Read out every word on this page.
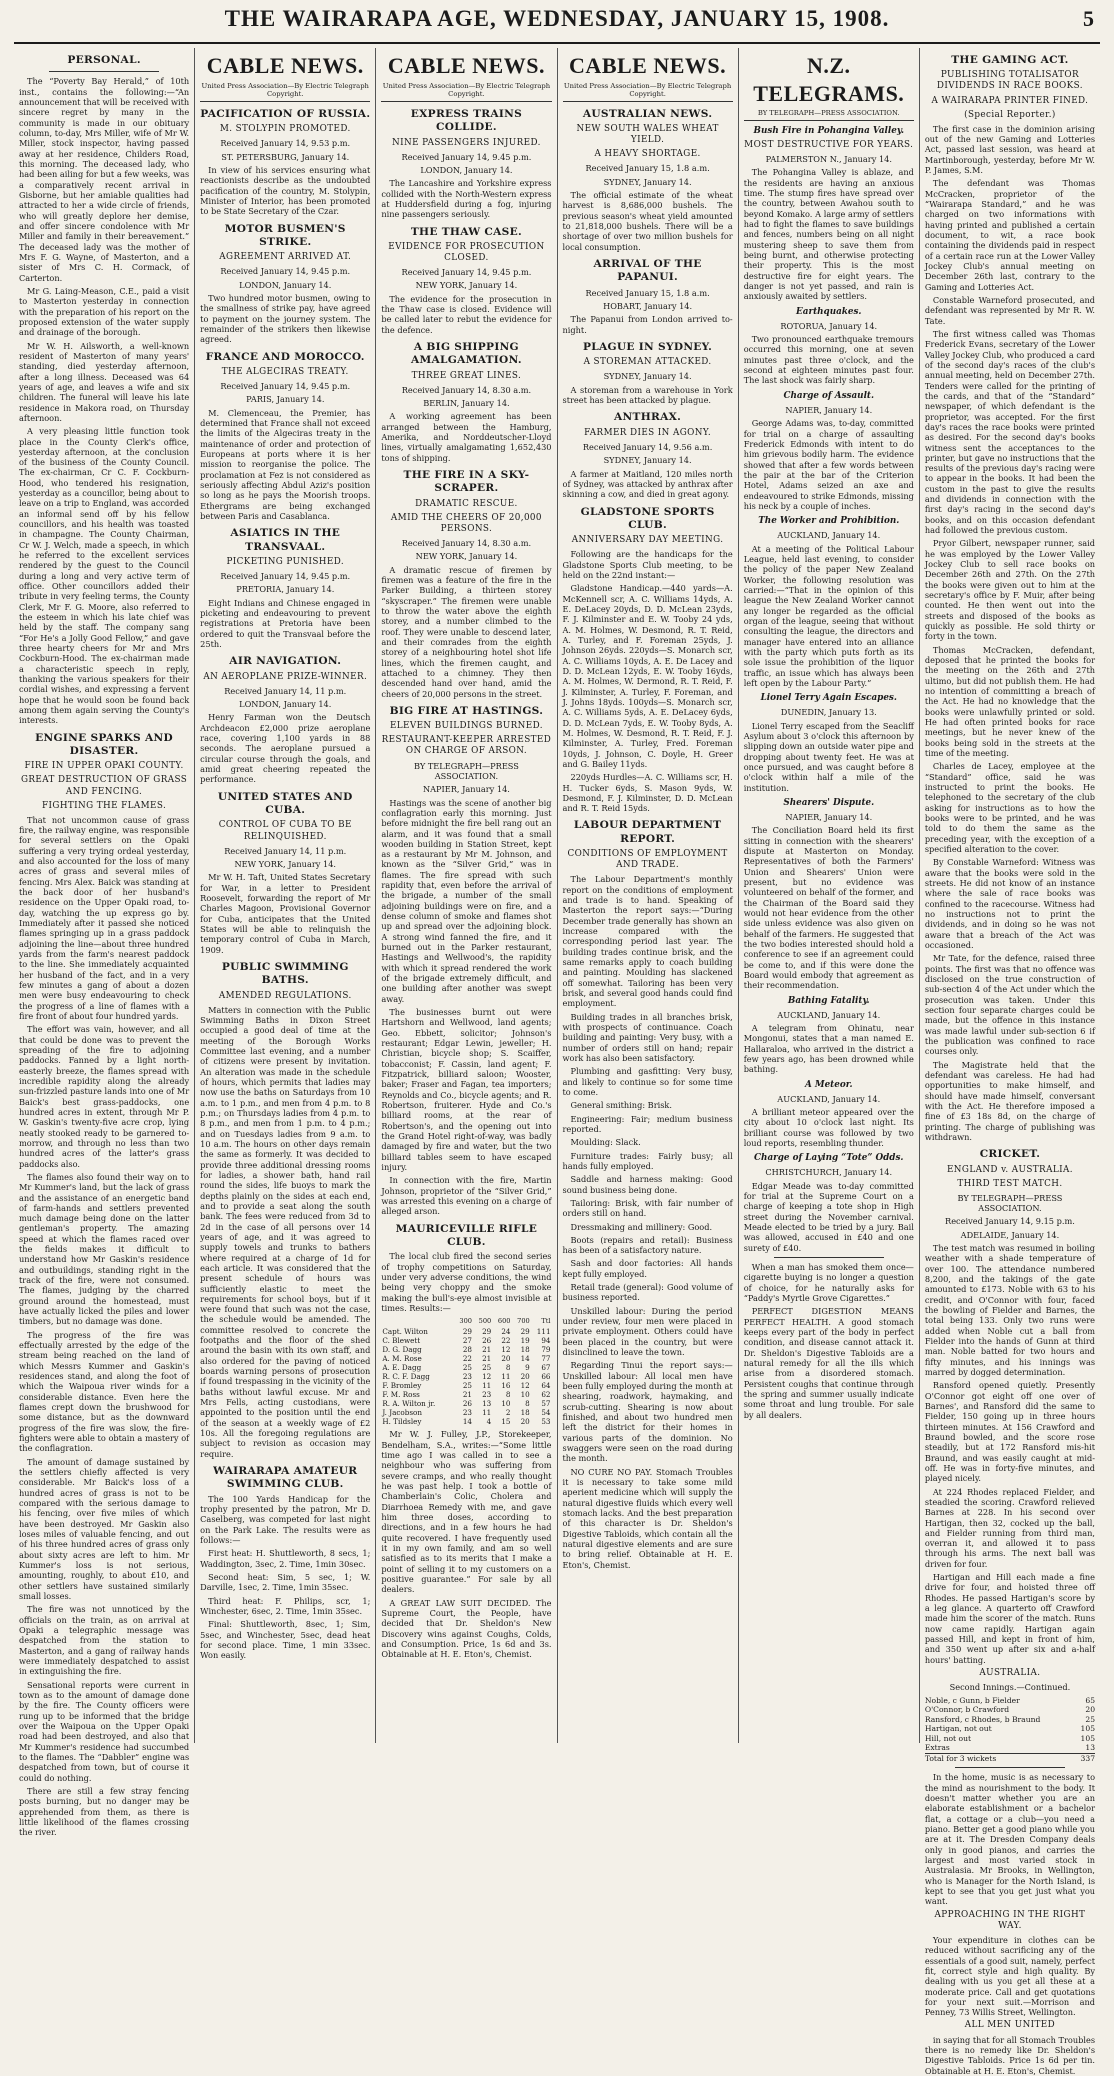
THE WAIRARAPA AGE, WEDNESDAY, JANUARY 15, 1908.	5
PERSONAL.

The “Poverty Bay Herald,” of 10th inst., contains the following:—“An announcement that will be received with sincere regret by many in the community is made in our obituary column, to-day, Mrs Miller, wife of Mr W. Miller, stock inspector, having passed away at her residence, Childers Road, this morning. The deceased lady, who had been ailing for but a few weeks, was a comparatively recent arrival in Gisborne, but her amiable qualities had attracted to her a wide circle of friends, who will greatly deplore her demise, and offer sincere condolence with Mr Miller and family in their bereavement.” The deceased lady was the mother of Mrs F. G. Wayne, of Masterton, and a sister of Mrs C. H. Cormack, of Carterton.

Mr G. Laing-Meason, C.E., paid a visit to Masterton yesterday in connection with the preparation of his report on the proposed extension of the water supply and drainage of the borough.

Mr W. H. Ailsworth, a well-known resident of Masterton of many years' standing, died yesterday afternoon, after a long illness. Deceased was 64 years of age, and leaves a wife and six children. The funeral will leave his late residence in Makora road, on Thursday afternoon.

A very pleasing little function took place in the County Clerk's office, yesterday afternoon, at the conclusion of the business of the County Council. The ex-chairman, Cr C. F. Cockburn-Hood, who tendered his resignation, yesterday as a councillor, being about to leave on a trip to England, was accorded an informal send off by his fellow councillors, and his health was toasted in champagne. The County Chairman, Cr W. J. Welch, made a speech, in which he referred to the excellent services rendered by the guest to the Council during a long and very active term of office. Other councillors added their tribute in very feeling terms, the County Clerk, Mr F. G. Moore, also referred to the esteem in which his late chief was held by the staff. The company sang “For He's a Jolly Good Fellow,” and gave three hearty cheers for Mr and Mrs Cockburn-Hood. The ex-chairman made a characteristic speech in reply, thanking the various speakers for their cordial wishes, and expressing a fervent hope that he would soon be found back among them again serving the County's interests.

ENGINE SPARKS AND DISASTER.
FIRE IN UPPER OPAKI COUNTY.
GREAT DESTRUCTION OF GRASS AND FENCING.
FIGHTING THE FLAMES.

That not uncommon cause of grass fire, the railway engine, was responsible for several settlers on the Opaki suffering a very trying ordeal yesterday, and also accounted for the loss of many acres of grass and several miles of fencing. Mrs Alex. Baick was standing at the back door of her husband's residence on the Upper Opaki road, to-day, watching the up express go by. Immediately after it passed she noticed flames springing up in a grass paddock adjoining the line—about three hundred yards from the farm's nearest paddock to the line. She immediately acquainted her husband of the fact, and in a very few minutes a gang of about a dozen men were busy endeavouring to check the progress of a line of flames with a fire front of about four hundred yards.

The effort was vain, however, and all that could be done was to prevent the spreading of the fire to adjoining paddocks. Fanned by a light north-easterly breeze, the flames spread with incredible rapidity along the already sun-frizzled pasture lands into one of Mr Baick's best grass-paddocks, one hundred acres in extent, through Mr P. W. Gaskin's twenty-five acre crop, lying neatly stooked ready to be garnered to-morrow, and through no less than two hundred acres of the latter's grass paddocks also.

The flames also found their way on to Mr Kummer's land, but the lack of grass and the assistance of an energetic band of farm-hands and settlers prevented much damage being done on the latter gentleman's property. The amazing speed at which the flames raced over the fields makes it difficult to understand how Mr Gaskin's residence and outbuildings, standing right in the track of the fire, were not consumed. The flames, judging by the charred ground around the homestead, must have actually licked the piles and lower timbers, but no damage was done.

The progress of the fire was effectually arrested by the edge of the stream being reached on the land of which Messrs Kummer and Gaskin's residences stand, and along the foot of which the Waipoua river winds for a considerable distance. Even here the flames crept down the brushwood for some distance, but as the downward progress of the fire was slow, the fire-fighters were able to obtain a mastery of the conflagration.

The amount of damage sustained by the settlers chiefly affected is very considerable. Mr Baick's loss of a hundred acres of grass is not to be compared with the serious damage to his fencing, over five miles of which have been destroyed. Mr Gaskin also loses miles of valuable fencing, and out of his three hundred acres of grass only about sixty acres are left to him. Mr Kummer's loss is not serious, amounting, roughly, to about £10, and other settlers have sustained similarly small losses.

The fire was not unnoticed by the officials on the train, as on arrival at Opaki a telegraphic message was despatched from the station to Masterton, and a gang of railway hands were immediately despatched to assist in extinguishing the fire.

Sensational reports were current in town as to the amount of damage done by the fire. The County officers were rung up to be informed that the bridge over the Waipoua on the Upper Opaki road had been destroyed, and also that Mr Kummer's residence had succumbed to the flames. The “Dabbler” engine was despatched from town, but of course it could do nothing.

There are still a few stray fencing posts burning, but no danger may be apprehended from them, as there is little likelihood of the flames crossing the river.

CABLE NEWS.
United Press Association—By Electric Telegraph Copyright.
PACIFICATION OF RUSSIA.
M. STOLYPIN PROMOTED.

Received January 14, 9.53 p.m.

ST. PETERSBURG, January 14.

In view of his services ensuring what reactionists describe as the undoubted pacification of the country, M. Stolypin, Minister of Interior, has been promoted to be State Secretary of the Czar.

MOTOR BUSMEN'S STRIKE.
AGREEMENT ARRIVED AT.

Received January 14, 9.45 p.m.

LONDON, January 14.

Two hundred motor busmen, owing to the smallness of strike pay, have agreed to payment on the journey system. The remainder of the strikers then likewise agreed.

FRANCE AND MOROCCO.
THE ALGECIRAS TREATY.

Received January 14, 9.45 p.m.

PARIS, January 14.

M. Clemenceau, the Premier, has determined that France shall not exceed the limits of the Algeciras treaty in the maintenance of order and protection of Europeans at ports where it is her mission to reorganise the police. The proclamation at Fez is not considered as seriously affecting Abdul Aziz's position so long as he pays the Moorish troops. Ethergrams are being exchanged between Paris and Casablanca.

ASIATICS IN THE TRANSVAAL.
PICKETING PUNISHED.

Received January 14, 9.45 p.m.

PRETORIA, January 14.

Eight Indians and Chinese engaged in picketing and endeavouring to prevent registrations at Pretoria have been ordered to quit the Transvaal before the 25th.

AIR NAVIGATION.
AN AEROPLANE PRIZE-WINNER.

Received January 14, 11 p.m.

LONDON, January 14.

Henry Farman won the Deutsch Archdeacon £2,000 prize aeroplane race, covering 1,100 yards in 88 seconds. The aeroplane pursued a circular course through the goals, and amid great cheering repeated the performance.

UNITED STATES AND CUBA.
CONTROL OF CUBA TO BE RELINQUISHED.

Received January 14, 11 p.m.

NEW YORK, January 14.

Mr W. H. Taft, United States Secretary for War, in a letter to President Roosevelt, forwarding the report of Mr Charles Magoon, Provisional Governor for Cuba, anticipates that the United States will be able to relinquish the temporary control of Cuba in March, 1909.

PUBLIC SWIMMING BATHS.
AMENDED REGULATIONS.

Matters in connection with the Public Swimming Baths in Dixon Street occupied a good deal of time at the meeting of the Borough Works Committee last evening, and a number of citizens were present by invitation. An alteration was made in the schedule of hours, which permits that ladies may now use the baths on Saturdays from 10 a.m. to 1 p.m., and men from 4 p.m. to 8 p.m.; on Thursdays ladies from 4 p.m. to 8 p.m., and men from 1 p.m. to 4 p.m.; and on Tuesdays ladies from 9 a.m. to 10 a.m. The hours on other days remain the same as formerly. It was decided to provide three additional dressing rooms for ladies, a shower bath, hand rail round the sides, life buoys to mark the depths plainly on the sides at each end, and to provide a seat along the south bank. The fees were reduced from 3d to 2d in the case of all persons over 14 years of age, and it was agreed to supply towels and trunks to bathers where required at a charge of 1d for each article. It was considered that the present schedule of hours was sufficiently elastic to meet the requirements for school boys, but if it were found that such was not the case, the schedule would be amended. The committee resolved to concrete the footpaths and the floor of the shed around the basin with its own staff, and also ordered for the paving of noticed boards warning persons of prosecution if found trespassing in the vicinity of the baths without lawful excuse. Mr and Mrs Fells, acting custodians, were appointed to the position until the end of the season at a weekly wage of £2 10s. All the foregoing regulations are subject to revision as occasion may require.

WAIRARAPA AMATEUR SWIMMING CLUB.

The 100 Yards Handicap for the trophy presented by the patron, Mr D. Caselberg, was competed for last night on the Park Lake. The results were as follows:—

First heat: H. Shuttleworth, 8 secs, 1; Waddington, 3sec, 2. Time, 1min 30sec.

Second heat: Sim, 5 sec, 1; W. Darville, 1sec, 2. Time, 1min 35sec.

Third heat: F. Philips, scr, 1; Winchester, 6sec, 2. Time, 1min 35sec.

Final: Shuttleworth, 8sec, 1; Sim, 5sec, and Winchester, 5sec, dead heat for second place. Time, 1 min 33sec. Won easily.

CABLE NEWS.
United Press Association—By Electric Telegraph Copyright.
EXPRESS TRAINS COLLIDE.
NINE PASSENGERS INJURED.

Received January 14, 9.45 p.m.

LONDON, January 14.

The Lancashire and Yorkshire express collided with the North-Western express at Huddersfield during a fog, injuring nine passengers seriously.

THE THAW CASE.
EVIDENCE FOR PROSECUTION CLOSED.

Received January 14, 9.45 p.m.

NEW YORK, January 14.

The evidence for the prosecution in the Thaw case is closed. Evidence will be called later to rebut the evidence for the defence.

A BIG SHIPPING AMALGAMATION.
THREE GREAT LINES.

Received January 14, 8.30 a.m.

BERLIN, January 14.

A working agreement has been arranged between the Hamburg, Amerika, and Norddeutscher-Lloyd lines, virtually amalgamating 1,652,430 tons of shipping.

THE FIRE IN A SKY-SCRAPER.
DRAMATIC RESCUE.
AMID THE CHEERS OF 20,000 PERSONS.

Received January 14, 8.30 a.m.

NEW YORK, January 14.

A dramatic rescue of firemen by firemen was a feature of the fire in the Parker Building, a thirteen storey “skyscraper.” The firemen were unable to throw the water above the eighth storey, and a number climbed to the roof. They were unable to descend later, and their comrades from the eighth storey of a neighbouring hotel shot life lines, which the firemen caught, and attached to a chimney. They then descended hand over hand, amid the cheers of 20,000 persons in the street.

BIG FIRE AT HASTINGS.
ELEVEN BUILDINGS BURNED.
RESTAURANT-KEEPER ARRESTED ON CHARGE OF ARSON.

BY TELEGRAPH—PRESS ASSOCIATION.

NAPIER, January 14.

Hastings was the scene of another big conflagration early this morning. Just before midnight the fire bell rang out an alarm, and it was found that a small wooden building in Station Street, kept as a restaurant by Mr M. Johnson, and known as the “Silver Grid,” was in flames. The fire spread with such rapidity that, even before the arrival of the brigade, a number of the small adjoining buildings were on fire, and a dense column of smoke and flames shot up and spread over the adjoining block. A strong wind fanned the fire, and it burned out in the Parker restaurant, Hastings and Wellwood's, the rapidity with which it spread rendered the work of the brigade extremely difficult, and one building after another was swept away.

The businesses burnt out were Hartshorn and Wellwood, land agents; Geo. Ebbett, solicitor; Johnson's restaurant; Edgar Lewin, jeweller; H. Christian, bicycle shop; S. Scaiffer, tobacconist; F. Cassin, land agent; F. Fitzpatrick, billiard saloon; Wooster, baker; Fraser and Fagan, tea importers; Reynolds and Co., bicycle agents; and R. Robertson, fruiterer. Hyde and Co.'s billiard rooms, at the rear of Robertson's, and the opening out into the Grand Hotel right-of-way, was badly damaged by fire and water, but the two billiard tables seem to have escaped injury.

In connection with the fire, Martin Johnson, proprietor of the “Silver Grid,” was arrested this evening on a charge of alleged arson.

MAURICEVILLE RIFLE CLUB.

The local club fired the second series of trophy competitions on Saturday, under very adverse conditions, the wind being very choppy and the smoke making the bull's-eye almost invisible at times. Results:—

	300	500	600	700	Ttl
Capt. Wilton	29	29	24	29	111
C. Blewett	27	26	22	19	94
D. G. Dagg	28	21	12	18	79
A. M. Rose	22	21	20	14	77
A. E. Dagg	25	25	8	9	67
R. C. F. Dagg	23	12	11	20	66
F. Bromley	25	11	16	12	64
F. M. Ross	21	23	8	10	62
R. A. Wilton jr.	26	13	10	8	57
J. Jacobson	23	11	2	18	54
H. Tildsley	14	4	15	20	53

Mr W. J. Fulley, J.P., Storekeeper, Bendelham, S.A., writes:—“Some little time ago I was called in to see a neighbour who was suffering from severe cramps, and who really thought he was past help. I took a bottle of Chamberlain's Colic, Cholera and Diarrhoea Remedy with me, and gave him three doses, according to directions, and in a few hours he had quite recovered. I have frequently used it in my own family, and am so well satisfied as to its merits that I make a point of selling it to my customers on a positive guarantee.” For sale by all dealers.

A GREAT LAW SUIT DECIDED. The Supreme Court, the People, have decided that Dr. Sheldon's New Discovery wins against Coughs, Colds, and Consumption. Price, 1s 6d and 3s. Obtainable at H. E. Eton's, Chemist.

CABLE NEWS.
United Press Association—By Electric Telegraph Copyright.
AUSTRALIAN NEWS.
NEW SOUTH WALES WHEAT YIELD.
A HEAVY SHORTAGE.

Received January 15, 1.8 a.m.

SYDNEY, January 14.

The official estimate of the wheat harvest is 8,686,000 bushels. The previous season's wheat yield amounted to 21,818,000 bushels. There will be a shortage of over two million bushels for local consumption.

ARRIVAL OF THE PAPANUI.

Received January 15, 1.8 a.m.

HOBART, January 14.

The Papanui from London arrived to-night.

PLAGUE IN SYDNEY.
A STOREMAN ATTACKED.

SYDNEY, January 14.

A storeman from a warehouse in York street has been attacked by plague.

ANTHRAX.
FARMER DIES IN AGONY.

Received January 14, 9.56 a.m.

SYDNEY, January 14.

A farmer at Maitland, 120 miles north of Sydney, was attacked by anthrax after skinning a cow, and died in great agony.

GLADSTONE SPORTS CLUB.
ANNIVERSARY DAY MEETING.

Following are the handicaps for the Gladstone Sports Club meeting, to be held on the 22nd instant:—

Gladstone Handicap.—440 yards—A. McKennell scr, A. C. Williams 14yds, A. E. DeLacey 20yds, D. D. McLean 23yds, F. J. Kilminster and E. W. Tooby 24 yds, A. M. Holmes, W. Desmond, R. T. Reid, A. Turley, and F. Foreman 25yds, J. Johnson 26yds. 220yds—S. Monarch scr, A. C. Williams 10yds, A. E. De Lacey and D. D. McLean 12yds, E. W. Tooby 16yds, A. M. Holmes, W. Dermond, R. T. Reid, F. J. Kilminster, A. Turley, F. Foreman, and J. Johns 18yds. 100yds—S. Monarch scr, A. C. Williams 5yds, A. E. DeLacey 6yds, D. D. McLean 7yds, E. W. Tooby 8yds, A. M. Holmes, W. Desmond, R. T. Reid, F. J. Kilminster, A. Turley, Fred. Foreman 10yds, J. Johnson, C. Doyle, H. Greer and G. Bailey 11yds.

220yds Hurdles—A. C. Williams scr, H. H. Tucker 6yds, S. Mason 9yds, W. Desmond, F. J. Kilminster, D. D. McLean and R. T. Reid 15yds.

LABOUR DEPARTMENT REPORT.
CONDITIONS OF EMPLOYMENT AND TRADE.

The Labour Department's monthly report on the conditions of employment and trade is to hand. Speaking of Masterton the report says:—“During December trade generally has shown an increase compared with the corresponding period last year. The building trades continue brisk, and the same remarks apply to coach building and painting. Moulding has slackened off somewhat. Tailoring has been very brisk, and several good hands could find employment.

Building trades in all branches brisk, with prospects of continuance. Coach building and painting: Very busy, with a number of orders still on hand; repair work has also been satisfactory.

Plumbing and gasfitting: Very busy, and likely to continue so for some time to come.

General smithing: Brisk.

Engineering: Fair; medium business reported.

Moulding: Slack.

Furniture trades: Fairly busy; all hands fully employed.

Saddle and harness making: Good sound business being done.

Tailoring: Brisk, with fair number of orders still on hand.

Dressmaking and millinery: Good.

Boots (repairs and retail): Business has been of a satisfactory nature.

Sash and door factories: All hands kept fully employed.

Retail trade (general): Good volume of business reported.

Unskilled labour: During the period under review, four men were placed in private employment. Others could have been placed in the country, but were disinclined to leave the town.

Regarding Tinui the report says:—Unskilled labour: All local men have been fully employed during the month at shearing, roadwork, haymaking, and scrub-cutting. Shearing is now about finished, and about two hundred men left the district for their homes in various parts of the dominion. No swaggers were seen on the road during the month.

NO CURE NO PAY. Stomach Troubles it is necessary to take some mild aperient medicine which will supply the natural digestive fluids which every well stomach lacks. And the best preparation of this character is Dr. Sheldon's Digestive Tabloids, which contain all the natural digestive elements and are sure to bring relief. Obtainable at H. E. Eton's, Chemist.

N.Z. TELEGRAMS.
BY TELEGRAPH—PRESS ASSOCIATION.
Bush Fire in Pohangina Valley.
MOST DESTRUCTIVE FOR YEARS.

PALMERSTON N., January 14.

The Pohangina Valley is ablaze, and the residents are having an anxious time. The stump fires have spread over the country, between Awahou south to beyond Komako. A large army of settlers had to fight the flames to save buildings and fences, numbers being on all night mustering sheep to save them from being burnt, and otherwise protecting their property. This is the most destructive fire for eight years. The danger is not yet passed, and rain is anxiously awaited by settlers.

Earthquakes.

ROTORUA, January 14.

Two pronounced earthquake tremours occurred this morning, one at seven minutes past three o'clock, and the second at eighteen minutes past four. The last shock was fairly sharp.

Charge of Assault.

NAPIER, January 14.

George Adams was, to-day, committed for trial on a charge of assaulting Frederick Edmonds with intent to do him grievous bodily harm. The evidence showed that after a few words between the pair at the bar of the Criterion Hotel, Adams seized an axe and endeavoured to strike Edmonds, missing his neck by a couple of inches.

The Worker and Prohibition.

AUCKLAND, January 14.

At a meeting of the Political Labour League, held last evening, to consider the policy of the paper New Zealand Worker, the following resolution was carried:—“That in the opinion of this league the New Zealand Worker cannot any longer be regarded as the official organ of the league, seeing that without consulting the league, the directors and manager have entered into an alliance with the party which puts forth as its sole issue the prohibition of the liquor traffic, an issue which has always been left open by the Labour Party.”

Lionel Terry Again Escapes.

DUNEDIN, January 13.

Lionel Terry escaped from the Seacliff Asylum about 3 o'clock this afternoon by slipping down an outside water pipe and dropping about twenty feet. He was at once pursued, and was caught before 8 o'clock within half a mile of the institution.

Shearers' Dispute.

NAPIER, January 14.

The Conciliation Board held its first sitting in connection with the shearers' dispute at Masterton on Monday. Representatives of both the Farmers' Union and Shearers' Union were present, but no evidence was volunteered on behalf of the former, and the Chairman of the Board said they would not hear evidence from the other side unless evidence was also given on behalf of the farmers. He suggested that the two bodies interested should hold a conference to see if an agreement could be come to, and if this were done the Board would embody that agreement as their recommendation.

Bathing Fatality.

AUCKLAND, January 14.

A telegram from Ohinatu, near Mongonui, states that a man named E. Hallaraloa, who arrived in the district a few years ago, has been drowned while bathing.

A Meteor.

AUCKLAND, January 14.

A brilliant meteor appeared over the city about 10 o'clock last night. Its brilliant course was followed by two loud reports, resembling thunder.

Charge of Laying “Tote” Odds.

CHRISTCHURCH, January 14.

Edgar Meade was to-day committed for trial at the Supreme Court on a charge of keeping a tote shop in High street during the November carnival. Meade elected to be tried by a jury. Bail was allowed, accused in £40 and one surety of £40.

When a man has smoked them once—cigarette buying is no longer a question of choice, for he naturally asks for “Paddy's Myrtle Grove Cigarettes.”

PERFECT DIGESTION MEANS PERFECT HEALTH. A good stomach keeps every part of the body in perfect condition, and disease cannot attack it. Dr. Sheldon's Digestive Tabloids are a natural remedy for all the ills which arise from a disordered stomach. Persistent coughs that continue through the spring and summer usually indicate some throat and lung trouble. For sale by all dealers.

THE GAMING ACT.
PUBLISHING TOTALISATOR DIVIDENDS IN RACE BOOKS.
A WAIRARAPA PRINTER FINED.
(Special Reporter.)

The first case in the dominion arising out of the new Gaming and Lotteries Act, passed last session, was heard at Martinborough, yesterday, before Mr W. P. James, S.M.

The defendant was Thomas McCracken, proprietor of the “Wairarapa Standard,” and he was charged on two informations with having printed and published a certain document, to wit, a race book containing the dividends paid in respect of a certain race run at the Lower Valley Jockey Club's annual meeting on December 26th last, contrary to the Gaming and Lotteries Act.

Constable Warneford prosecuted, and defendant was represented by Mr R. W. Tate.

The first witness called was Thomas Frederick Evans, secretary of the Lower Valley Jockey Club, who produced a card of the second day's races of the club's annual meeting, held on December 27th. Tenders were called for the printing of the cards, and that of the “Standard” newspaper, of which defendant is the proprietor, was accepted. For the first day's races the race books were printed as desired. For the second day's books witness sent the acceptances to the printer, but gave no instructions that the results of the previous day's racing were to appear in the books. It had been the custom in the past to give the results and dividends in connection with the first day's racing in the second day's books, and on this occasion defendant had followed the previous custom.

Pryor Gilbert, newspaper runner, said he was employed by the Lower Valley Jockey Club to sell race books on December 26th and 27th. On the 27th the books were given out to him at the secretary's office by F. Muir, after being counted. He then went out into the streets and disposed of the books as quickly as possible. He sold thirty or forty in the town.

Thomas McCracken, defendant, deposed that he printed the books for the meeting on the 26th and 27th ultimo, but did not publish them. He had no intention of committing a breach of the Act. He had no knowledge that the books were unlawfully printed or sold. He had often printed books for race meetings, but he never knew of the books being sold in the streets at the time of the meeting.

Charles de Lacey, employee at the “Standard” office, said he was instructed to print the books. He telephoned to the secretary of the club asking for instructions as to how the books were to be printed, and he was told to do them the same as the preceding year, with the exception of a specified alteration to the cover.

By Constable Warneford: Witness was aware that the books were sold in the streets. He did not know of an instance where the sale of race books was confined to the racecourse. Witness had no instructions not to print the dividends, and in doing so he was not aware that a breach of the Act was occasioned.

Mr Tate, for the defence, raised three points. The first was that no offence was disclosed on the true construction of sub-section 4 of the Act under which the prosecution was taken. Under this section four separate charges could be made, but the offence in this instance was made lawful under sub-section 6 if the publication was confined to race courses only.

The Magistrate held that the defendant was careless. He had had opportunities to make himself, and should have made himself, conversant with the Act. He therefore imposed a fine of £3 18s 8d, on the charge of printing. The charge of publishing was withdrawn.

CRICKET.
ENGLAND v. AUSTRALIA.
THIRD TEST MATCH.

BY TELEGRAPH—PRESS ASSOCIATION.

Received January 14, 9.15 p.m.

ADELAIDE, January 14.

The test match was resumed in boiling weather with a shade temperature of over 100. The attendance numbered 8,200, and the takings of the gate amounted to £173. Noble with 63 to his credit, and O'Connor with four, faced the bowling of Fielder and Barnes, the total being 133. Only two runs were added when Noble cut a ball from Fielder into the hands of Gunn at third man. Noble batted for two hours and fifty minutes, and his innings was marred by dogged determination.

Ransford opened quietly. Presently O'Connor got eight off one over of Barnes', and Ransford did the same to Fielder, 150 going up in three hours thirteen minutes. At 156 Crawford and Braund bowled, and the score rose steadily, but at 172 Ransford mis-hit Braund, and was easily caught at mid-off. He was in forty-five minutes, and played nicely.

At 224 Rhodes replaced Fielder, and steadied the scoring. Crawford relieved Barnes at 228. In his second over Hartigan, then 32, cocked up the ball, and Fielder running from third man, overran it, and allowed it to pass through his arms. The next ball was driven for four.

Hartigan and Hill each made a fine drive for four, and hoisted three off Rhodes. He passed Hartigan's score by a leg glance. A quarterto off Crawford made him the scorer of the match. Runs now came rapidly. Hartigan again passed Hill, and kept in front of him, and 350 went up after six and a-half hours' batting.

AUSTRALIA.

Second Innings.—Continued.

Noble, c Gunn, b Fielder	65
O'Connor, b Crawford	20
Ransford, c Rhodes, b Braund	25
Hartigan, not out	105
Hill, not out	105
Extras	13
Total for 3 wickets	337

In the home, music is as necessary to the mind as nourishment to the body. It doesn't matter whether you are an elaborate establishment or a bachelor flat, a cottage or a club—you need a piano. Better get a good piano while you are at it. The Dresden Company deals only in good pianos, and carries the largest and most varied stock in Australasia. Mr Brooks, in Wellington, who is Manager for the North Island, is kept to see that you get just what you want.

APPROACHING IN THE RIGHT WAY.

Your expenditure in clothes can be reduced without sacrificing any of the essentials of a good suit, namely, perfect fit, correct style and high quality. By dealing with us you get all these at a moderate price. Call and get quotations for your next suit.—Morrison and Penney, 73 Willis Street, Wellington.

ALL MEN UNITED

in saying that for all Stomach Troubles there is no remedy like Dr. Sheldon's Digestive Tabloids. Price 1s 6d per tin. Obtainable at H. E. Eton's, Chemist.
